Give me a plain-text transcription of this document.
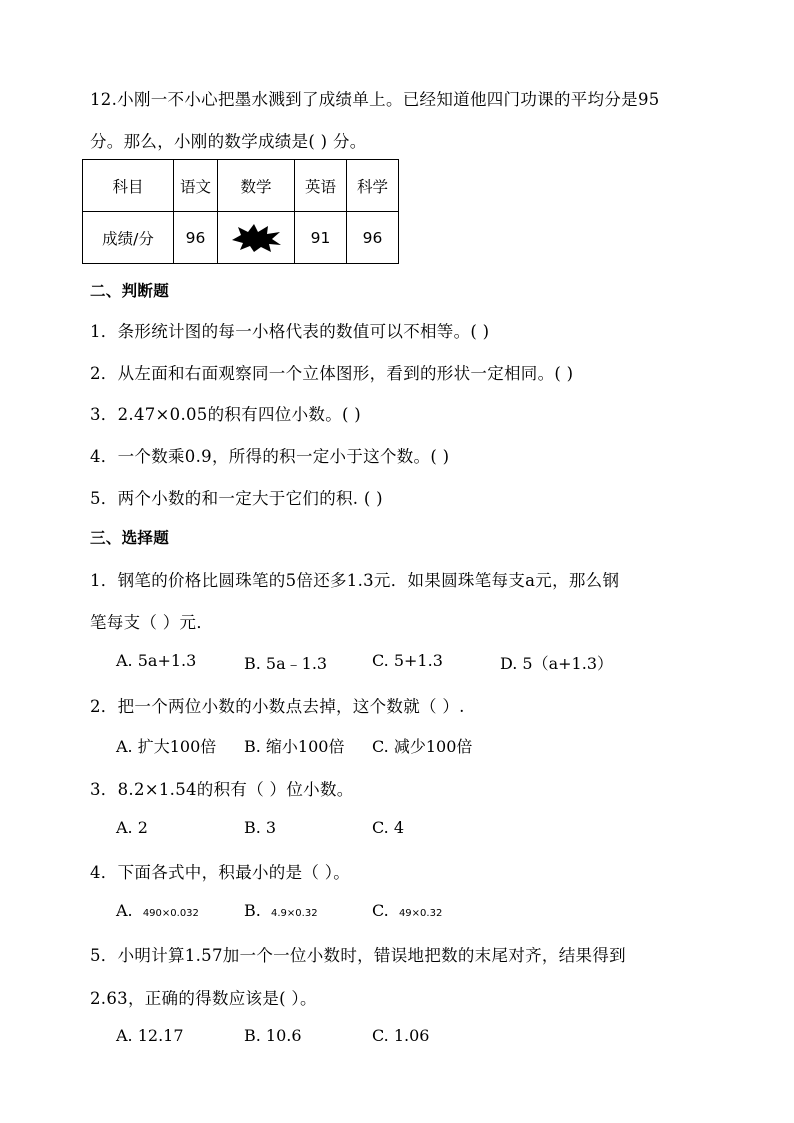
12.小刚一不小心把墨水溅到了成绩单上。已经知道他四门功课的平均分是95
分。那么，小刚的数学成绩是( ) 分。
科目	语文	数学	英语	科学
成绩/分	96		91	96
二、判断题
1．条形统计图的每一小格代表的数值可以不相等。( )
2．从左面和右面观察同一个立体图形，看到的形状一定相同。( )
3．2.47×0.05的积有四位小数。( )
4．一个数乘0.9，所得的积一定小于这个数。( )
5．两个小数的和一定大于它们的积. ( )
三、选择题
1．钢笔的价格比圆珠笔的5倍还多1.3元．如果圆珠笔每支a元，那么钢
笔每支（ ）元．
A. 5a+1.3	B. 5a﹣1.3	C. 5+1.3	D. 5（a+1.3）
2．把一个两位小数的小数点去掉，这个数就（ ）.
A. 扩大100倍 B. 缩小100倍 C. 减少100倍
3．8.2×1.54的积有（ ）位小数。
A. 2	B. 3	C. 4
4．下面各式中，积最小的是（ ）。
A. 490×0.032	B. 4.9×0.32	C. 49×0.32
5．小明计算1.57加一个一位小数时，错误地把数的末尾对齐，结果得到
2.63，正确的得数应该是( ）。
A. 12.17	B. 10.6	C. 1.06
